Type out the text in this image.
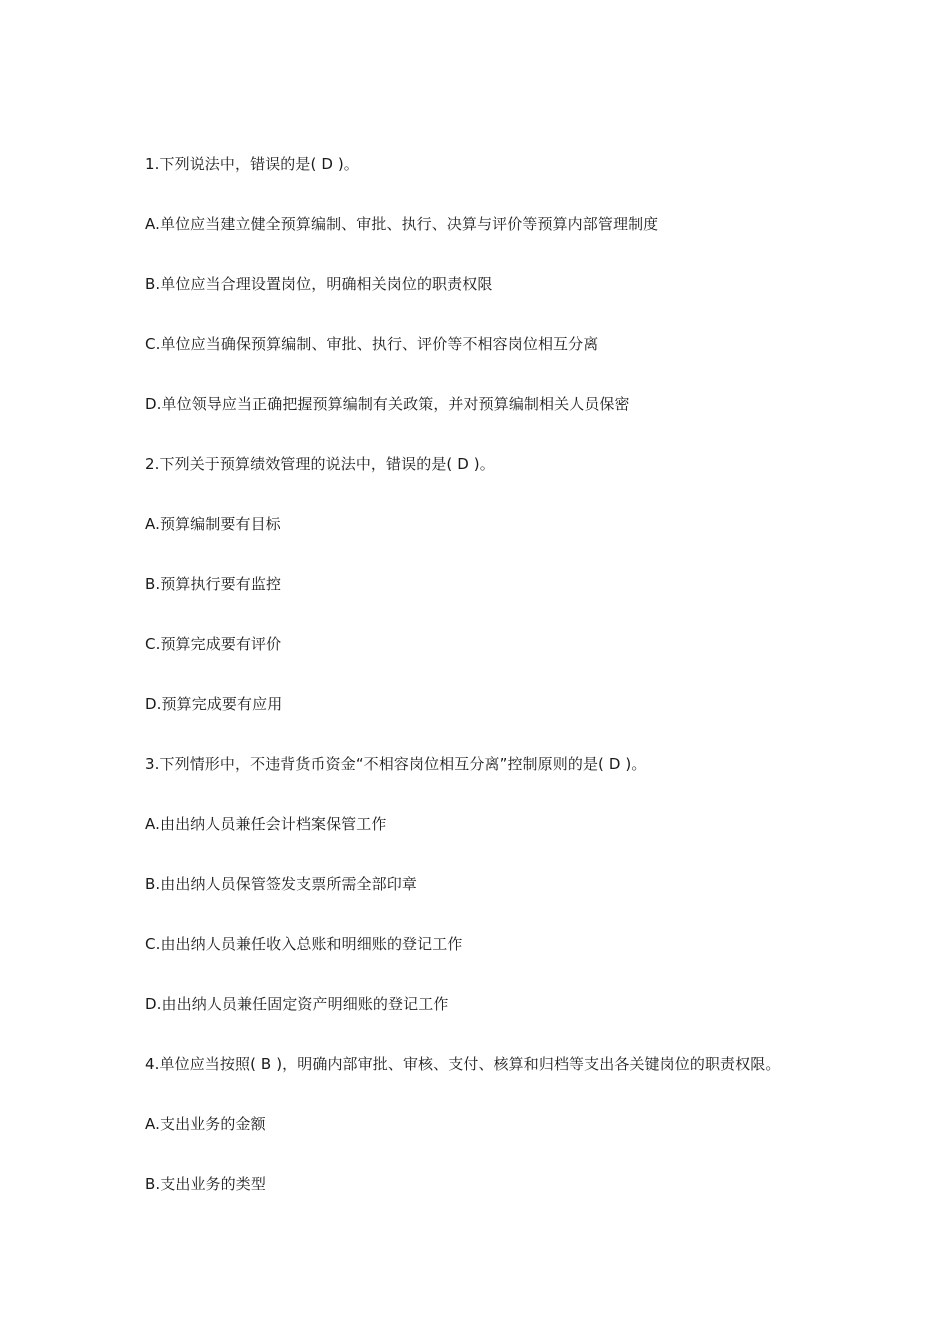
1.下列说法中，错误的是( D )。

A.单位应当建立健全预算编制、审批、执行、决算与评价等预算内部管理制度

B.单位应当合理设置岗位，明确相关岗位的职责权限

C.单位应当确保预算编制、审批、执行、评价等不相容岗位相互分离

D.单位领导应当正确把握预算编制有关政策，并对预算编制相关人员保密

2.下列关于预算绩效管理的说法中，错误的是( D )。

A.预算编制要有目标

B.预算执行要有监控

C.预算完成要有评价

D.预算完成要有应用

3.下列情形中，不违背货币资金“不相容岗位相互分离”控制原则的是( D )。

A.由出纳人员兼任会计档案保管工作

B.由出纳人员保管签发支票所需全部印章

C.由出纳人员兼任收入总账和明细账的登记工作

D.由出纳人员兼任固定资产明细账的登记工作

4.单位应当按照( B )，明确内部审批、审核、支付、核算和归档等支出各关键岗位的职责权限。

A.支出业务的金额

B.支出业务的类型
